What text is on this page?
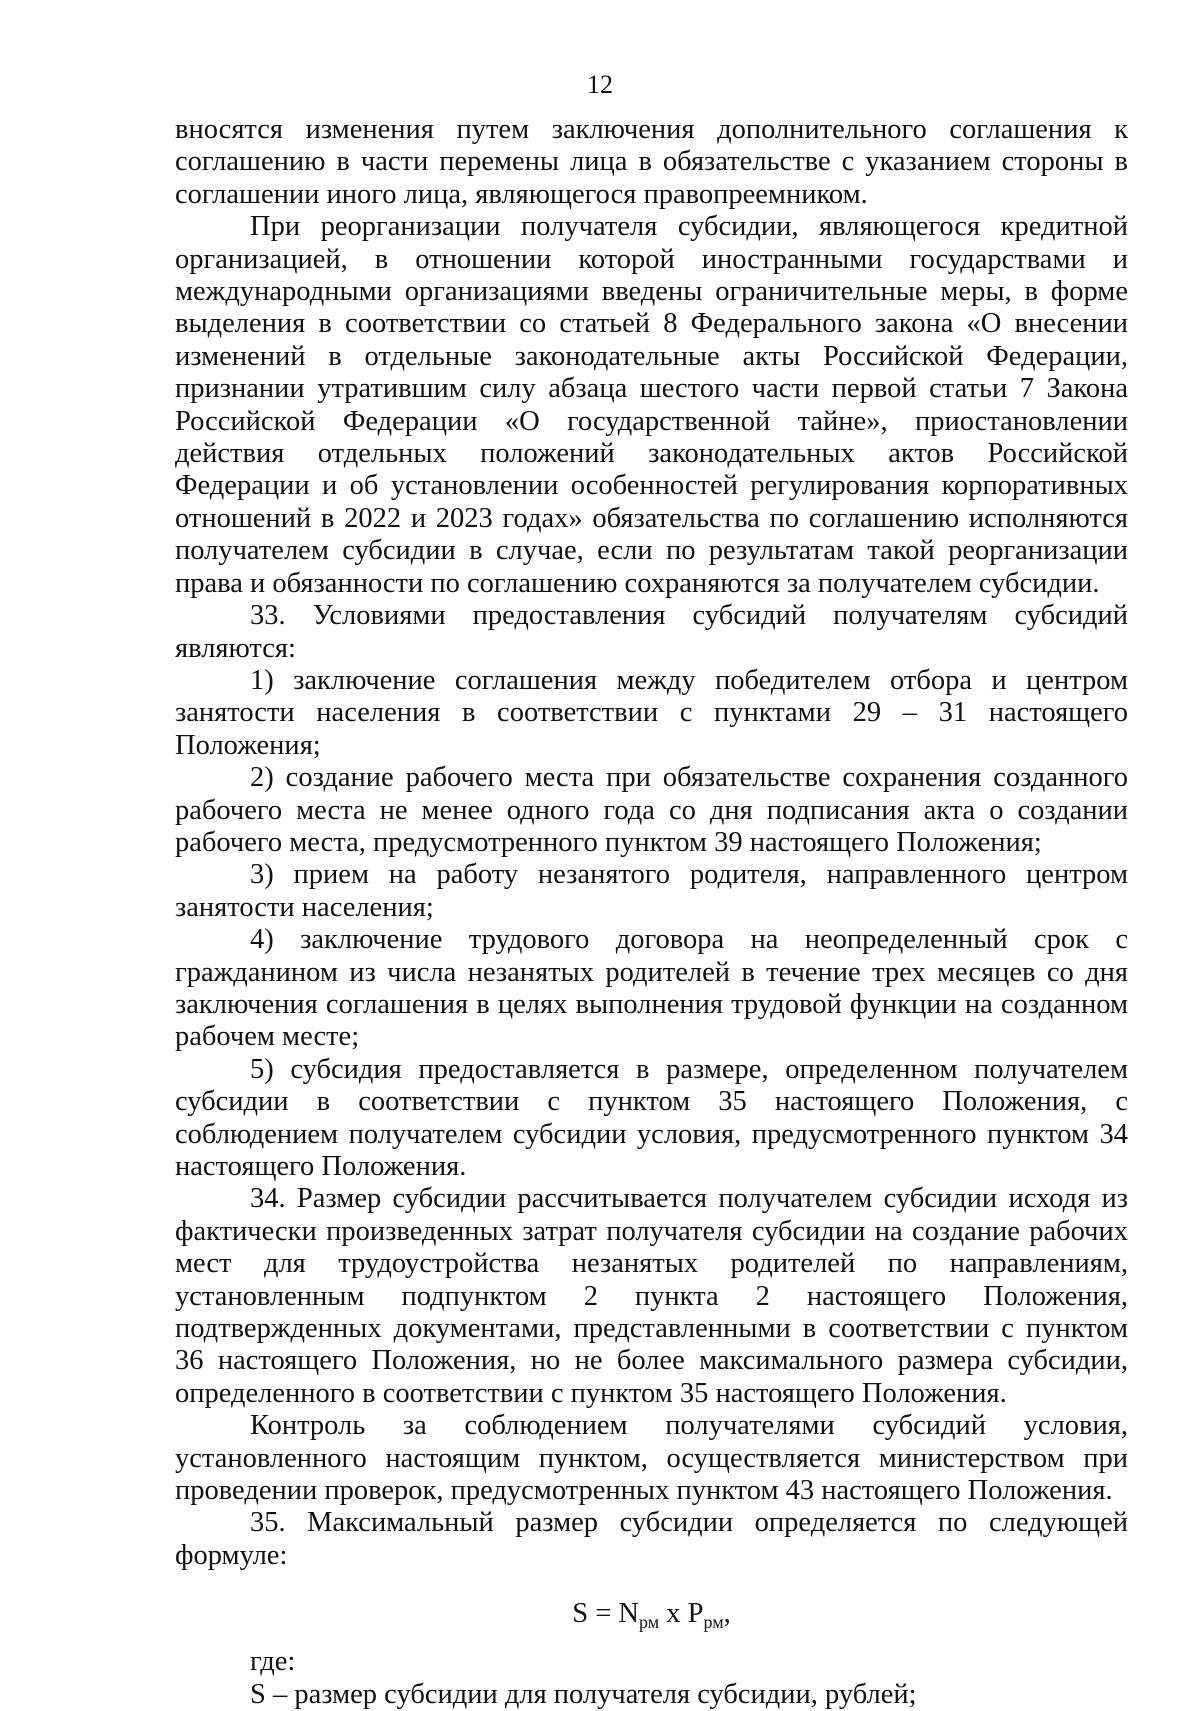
12

вносятся изменения путем заключения дополнительного соглашения к соглашению в части перемены лица в обязательстве с указанием стороны в соглашении иного лица, являющегося правопреемником.

При реорганизации получателя субсидии, являющегося кредитной организацией, в отношении которой иностранными государствами и международными организациями введены ограничительные меры, в форме выделения в соответствии со статьей 8 Федерального закона «О внесении изменений в отдельные законодательные акты Российской Федерации, признании утратившим силу абзаца шестого части первой статьи 7 Закона Российской Федерации «О государственной тайне», приостановлении действия отдельных положений законодательных актов Российской Федерации и об установлении особенностей регулирования корпоративных отношений в 2022 и 2023 годах» обязательства по соглашению исполняются получателем субсидии в случае, если по результатам такой реорганизации права и обязанности по соглашению сохраняются за получателем субсидии.

33. Условиями предоставления субсидий получателям субсидий являются:

1) заключение соглашения между победителем отбора и центром занятости населения в соответствии с пунктами 29 – 31 настоящего Положения;

2) создание рабочего места при обязательстве сохранения созданного рабочего места не менее одного года со дня подписания акта о создании рабочего места, предусмотренного пунктом 39 настоящего Положения;

3) прием на работу незанятого родителя, направленного центром занятости населения;

4) заключение трудового договора на неопределенный срок с гражданином из числа незанятых родителей в течение трех месяцев со дня заключения соглашения в целях выполнения трудовой функции на созданном рабочем месте;

5) субсидия предоставляется в размере, определенном получателем субсидии в соответствии с пунктом 35 настоящего Положения, с соблюдением получателем субсидии условия, предусмотренного пунктом 34 настоящего Положения.

34. Размер субсидии рассчитывается получателем субсидии исходя из фактически произведенных затрат получателя субсидии на создание рабочих мест для трудоустройства незанятых родителей по направлениям, установленным подпунктом 2 пункта 2 настоящего Положения, подтвержденных документами, представленными в соответствии с пунктом 36 настоящего Положения, но не более максимального размера субсидии, определенного в соответствии с пунктом 35 настоящего Положения.

Контроль за соблюдением получателями субсидий условия, установленного настоящим пунктом, осуществляется министерством при проведении проверок, предусмотренных пунктом 43 настоящего Положения.

35. Максимальный размер субсидии определяется по следующей формуле:

$S = N_{рм}$ x $P_{рм}$,

где:

S – размер субсидии для получателя субсидии, рублей;
